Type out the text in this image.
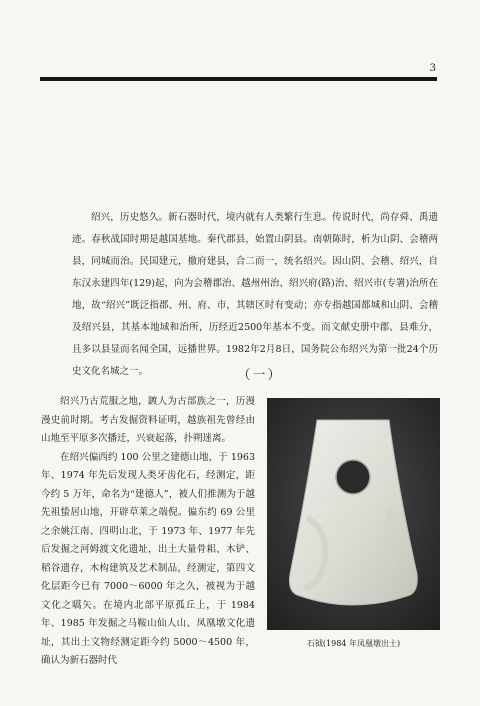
3

绍兴，历史悠久。新石器时代，境内就有人类繁行生息。传说时代，尚存舜、禹遗迹。春秋战国时期是越国基地。秦代郡县，始置山阴县。南朝陈时，析为山阴、会稽两县，同城而治。民国建元，撤府建县，合二而一，统名绍兴。因山阴、会稽、绍兴，自东汉永建四年(129)起，向为会稽郡治、越州州治、绍兴府(路)治、绍兴市(专署)治所在地，故“绍兴”既泛指郡、州、府、市，其辖区时有变动；亦专指越国都城和山阴、会稽及绍兴县，其基本地域和治所，历经近2500年基本不变。而文献史册中郡、县难分，且多以县显而名闻全国，远播世界。1982年2月8日，国务院公布绍兴为第一批24个历史文化名城之一。	（一）

绍兴乃古荒服之地，踱人为古部族之一，历漫漫史前时期。考古发掘资料证明，越族祖先曾经由山地至平原多次播迁，兴衰起落，扑朔迷离。

在绍兴偏西约 100 公里之建德山地，于 1963 年、1974 年先后发现人类牙齿化石，经测定，距今约 5 万年，命名为“建德人”，被人们推测为于越先祖蛰居山地，开辟草莱之端倪。偏东约 69 公里之余姚江南、四明山北，于 1973 年、1977 年先后发掘之河姆渡文化遗址，出土大量骨耜、木铲、稻谷遗存，木构建筑及艺术制品，经测定，第四文化层距今已有 7000～6000 年之久，被视为于越文化之嚆矢。在境内北部平原孤丘上，于 1984 年、1985 年发掘之马鞍山仙人山、凤凰墩文化遗址，其出土文物经测定距今约 5000～4500 年，确认为新石器时代

石钺(1984 年凤凰墩出土)
